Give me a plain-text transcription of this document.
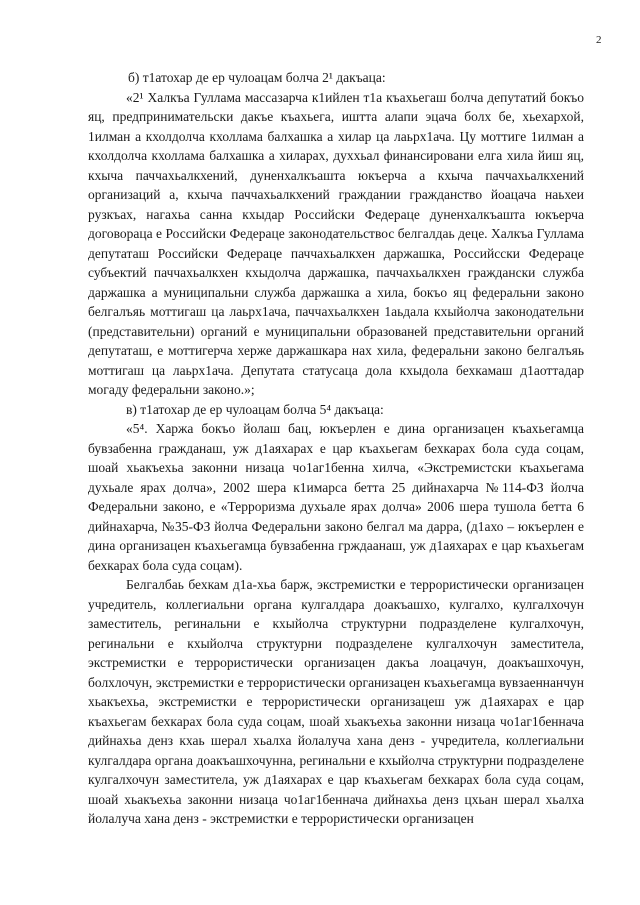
2

б) т1атохар де ер чулоацам болча 2¹ дакъаца:

«2¹ Халкъа Гуллама массазарча к1ийлен т1а къахьегаш болча депутатий бокъо яц, предпринимательски дакъе къахьега, иштта алапи эцача болх бе, хьехархой, 1илман а кхолдолча кхоллама балхашка а хилар ца лаьрх1ача. Цу моттиге 1илман а кхолдолча кхоллама балхашка а хиларах, духхьал финансировани елга хила йиш яц, кхыча паччахьалкхений, дуненхалкъашта юкъерча а кхыча паччахьалкхений организаций а, кхыча паччахьалкхений граждании гражданство йоацача наьхеи рузкъах, нагахьа санна кхыдар Российски Федераце дуненхалкъашта юкъерча договораца е Российски Федераце законодательствос белгалдаь деце. Халкъа Гуллама депутаташ Российски Федераце паччахьалкхен даржашка, Российсски Федераце субъектий паччахьалкхен кхыдолча даржашка, паччахьалкхен граждански служба даржашка а муниципальни служба даржашка а хила, бокъо яц федеральни законо белгалъяь моттигаш ца лаьрх1ача, паччахьалкхен 1аьдала кхыйолча законодательни (представительни) органий е муниципальни образованей представительни органий депутаташ, е моттигерча херже даржашкара нах хила, федеральни законо белгалъяь моттигаш ца лаьрх1ача. Депутата статусаца дола кхыдола бехкамаш д1аоттадар могаду федеральни законо.»;

в) т1атохар де ер чулоацам болча 5⁴ дакъаца:

«5⁴. Харжа бокъо йолаш бац, юкъерлен е дина организацен къахьегамца бувзабенна гражданаш, уж д1аяхарах е цар къахьегам бехкарах бола суда соцам, шоай хьакъехьа законни низаца чо1аг1бенна хилча, «Экстремистски къахьегама духьале ярах долча», 2002 шера к1имарса бетта 25 дийнахарча №114-ФЗ йолча Федеральни законо, е «Терроризма духьале ярах долча» 2006 шера тушола бетта 6 дийнахарча, №35-ФЗ йолча Федеральни законо белгал ма дарра, (д1ахо – юкъерлен е дина организацен къахьегамца бувзабенна грждаанаш, уж д1аяхарах е цар къахьегам бехкарах бола суда соцам).

Белгалбаь бехкам д1а-хьа барж, экстремистки е террористически организацен учредитель, коллегиальни органа кулгалдара доакъашхо, кулгалхо, кулгалхочун заместитель, регинальни е кхыйолча структурни подразделене кулгалхочун, регинальни е кхыйолча структурни подразделене кулгалхочун заместитела, экстремистки е террористически организацен дакъа лоацачун, доакъашхочун, болхлочун, экстремистки е террористически организацен къахьегамца вувзаеннанчун хьакъехьа, экстремистки е террористически организацеш уж д1аяхарах е цар къахьегам бехкарах бола суда соцам, шоай хьакъехьа законни низаца чо1аг1беннача дийнахьа денз кхаь шерал хьалха йолалуча хана денз - учредитела, коллегиальни кулгалдара органа доакъашхочунна, регинальни е кхыйолча структурни подразделене кулгалхочун заместитела, уж д1аяхарах е цар къахьегам бехкарах бола суда соцам, шоай хьакъехьа законни низаца чо1аг1беннача дийнахьа денз цхьан шерал хьалха йолалуча хана денз - экстремистки е террористически организацен
